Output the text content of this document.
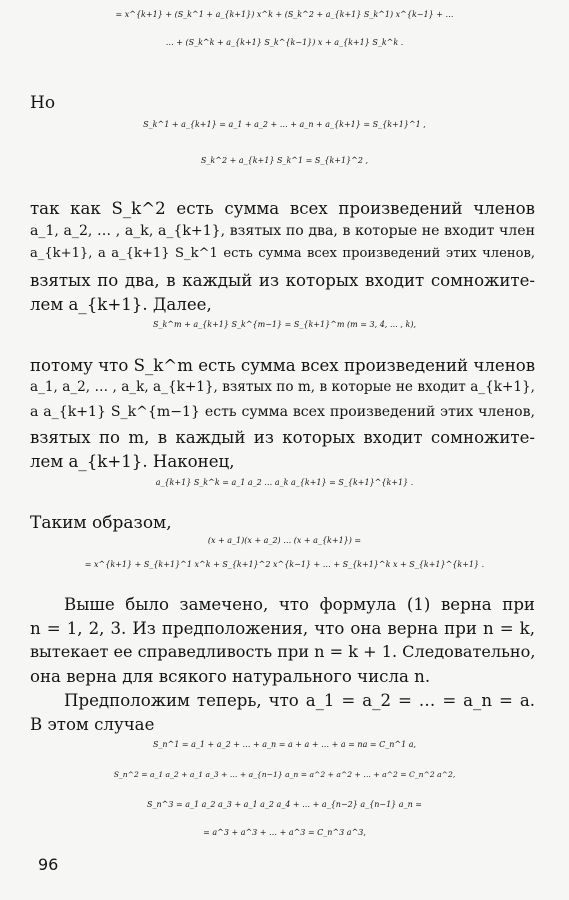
= x^{k+1} + (S_k^1 + a_{k+1}) x^k + (S_k^2 + a_{k+1} S_k^1) x^{k−1} + …
… + (S_k^k + a_{k+1} S_k^{k−1}) x + a_{k+1} S_k^k .
Но
S_k^1 + a_{k+1} = a_1 + a_2 + … + a_n + a_{k+1} = S_{k+1}^1 ,
S_k^2 + a_{k+1} S_k^1 = S_{k+1}^2 ,
так как S_k^2 есть сумма всех произведений членов
a_1, a_2, … , a_k, a_{k+1}, взятых по два, в которые не входит член
a_{k+1}, а a_{k+1} S_k^1 есть сумма всех произведений этих членов,
взятых по два, в каждый из которых входит сомножите-
лем a_{k+1}. Далее,
S_k^m + a_{k+1} S_k^{m−1} = S_{k+1}^m (m = 3, 4, … , k),
потому что S_k^m есть сумма всех произведений членов
a_1, a_2, … , a_k, a_{k+1}, взятых по m, в которые не входит a_{k+1},
а a_{k+1} S_k^{m−1} есть сумма всех произведений этих членов,
взятых по m, в каждый из которых входит сомножите-
лем a_{k+1}. Наконец,
a_{k+1} S_k^k = a_1 a_2 … a_k a_{k+1} = S_{k+1}^{k+1} .
Таким образом,
(x + a_1)(x + a_2) … (x + a_{k+1}) =
= x^{k+1} + S_{k+1}^1 x^k + S_{k+1}^2 x^{k−1} + … + S_{k+1}^k x + S_{k+1}^{k+1} .
Выше было замечено, что формула (1) верна при
n = 1, 2, 3. Из предположения, что она верна при n = k,
вытекает ее справедливость при n = k + 1. Следовательно,
она верна для всякого натурального числа n.
Предположим теперь, что a_1 = a_2 = … = a_n = a.
В этом случае
S_n^1 = a_1 + a_2 + … + a_n = a + a + … + a = na = C_n^1 a,
S_n^2 = a_1 a_2 + a_1 a_3 + … + a_{n−1} a_n = a^2 + a^2 + … + a^2 = C_n^2 a^2,
S_n^3 = a_1 a_2 a_3 + a_1 a_2 a_4 + … + a_{n−2} a_{n−1} a_n =
= a^3 + a^3 + … + a^3 = C_n^3 a^3,
96
